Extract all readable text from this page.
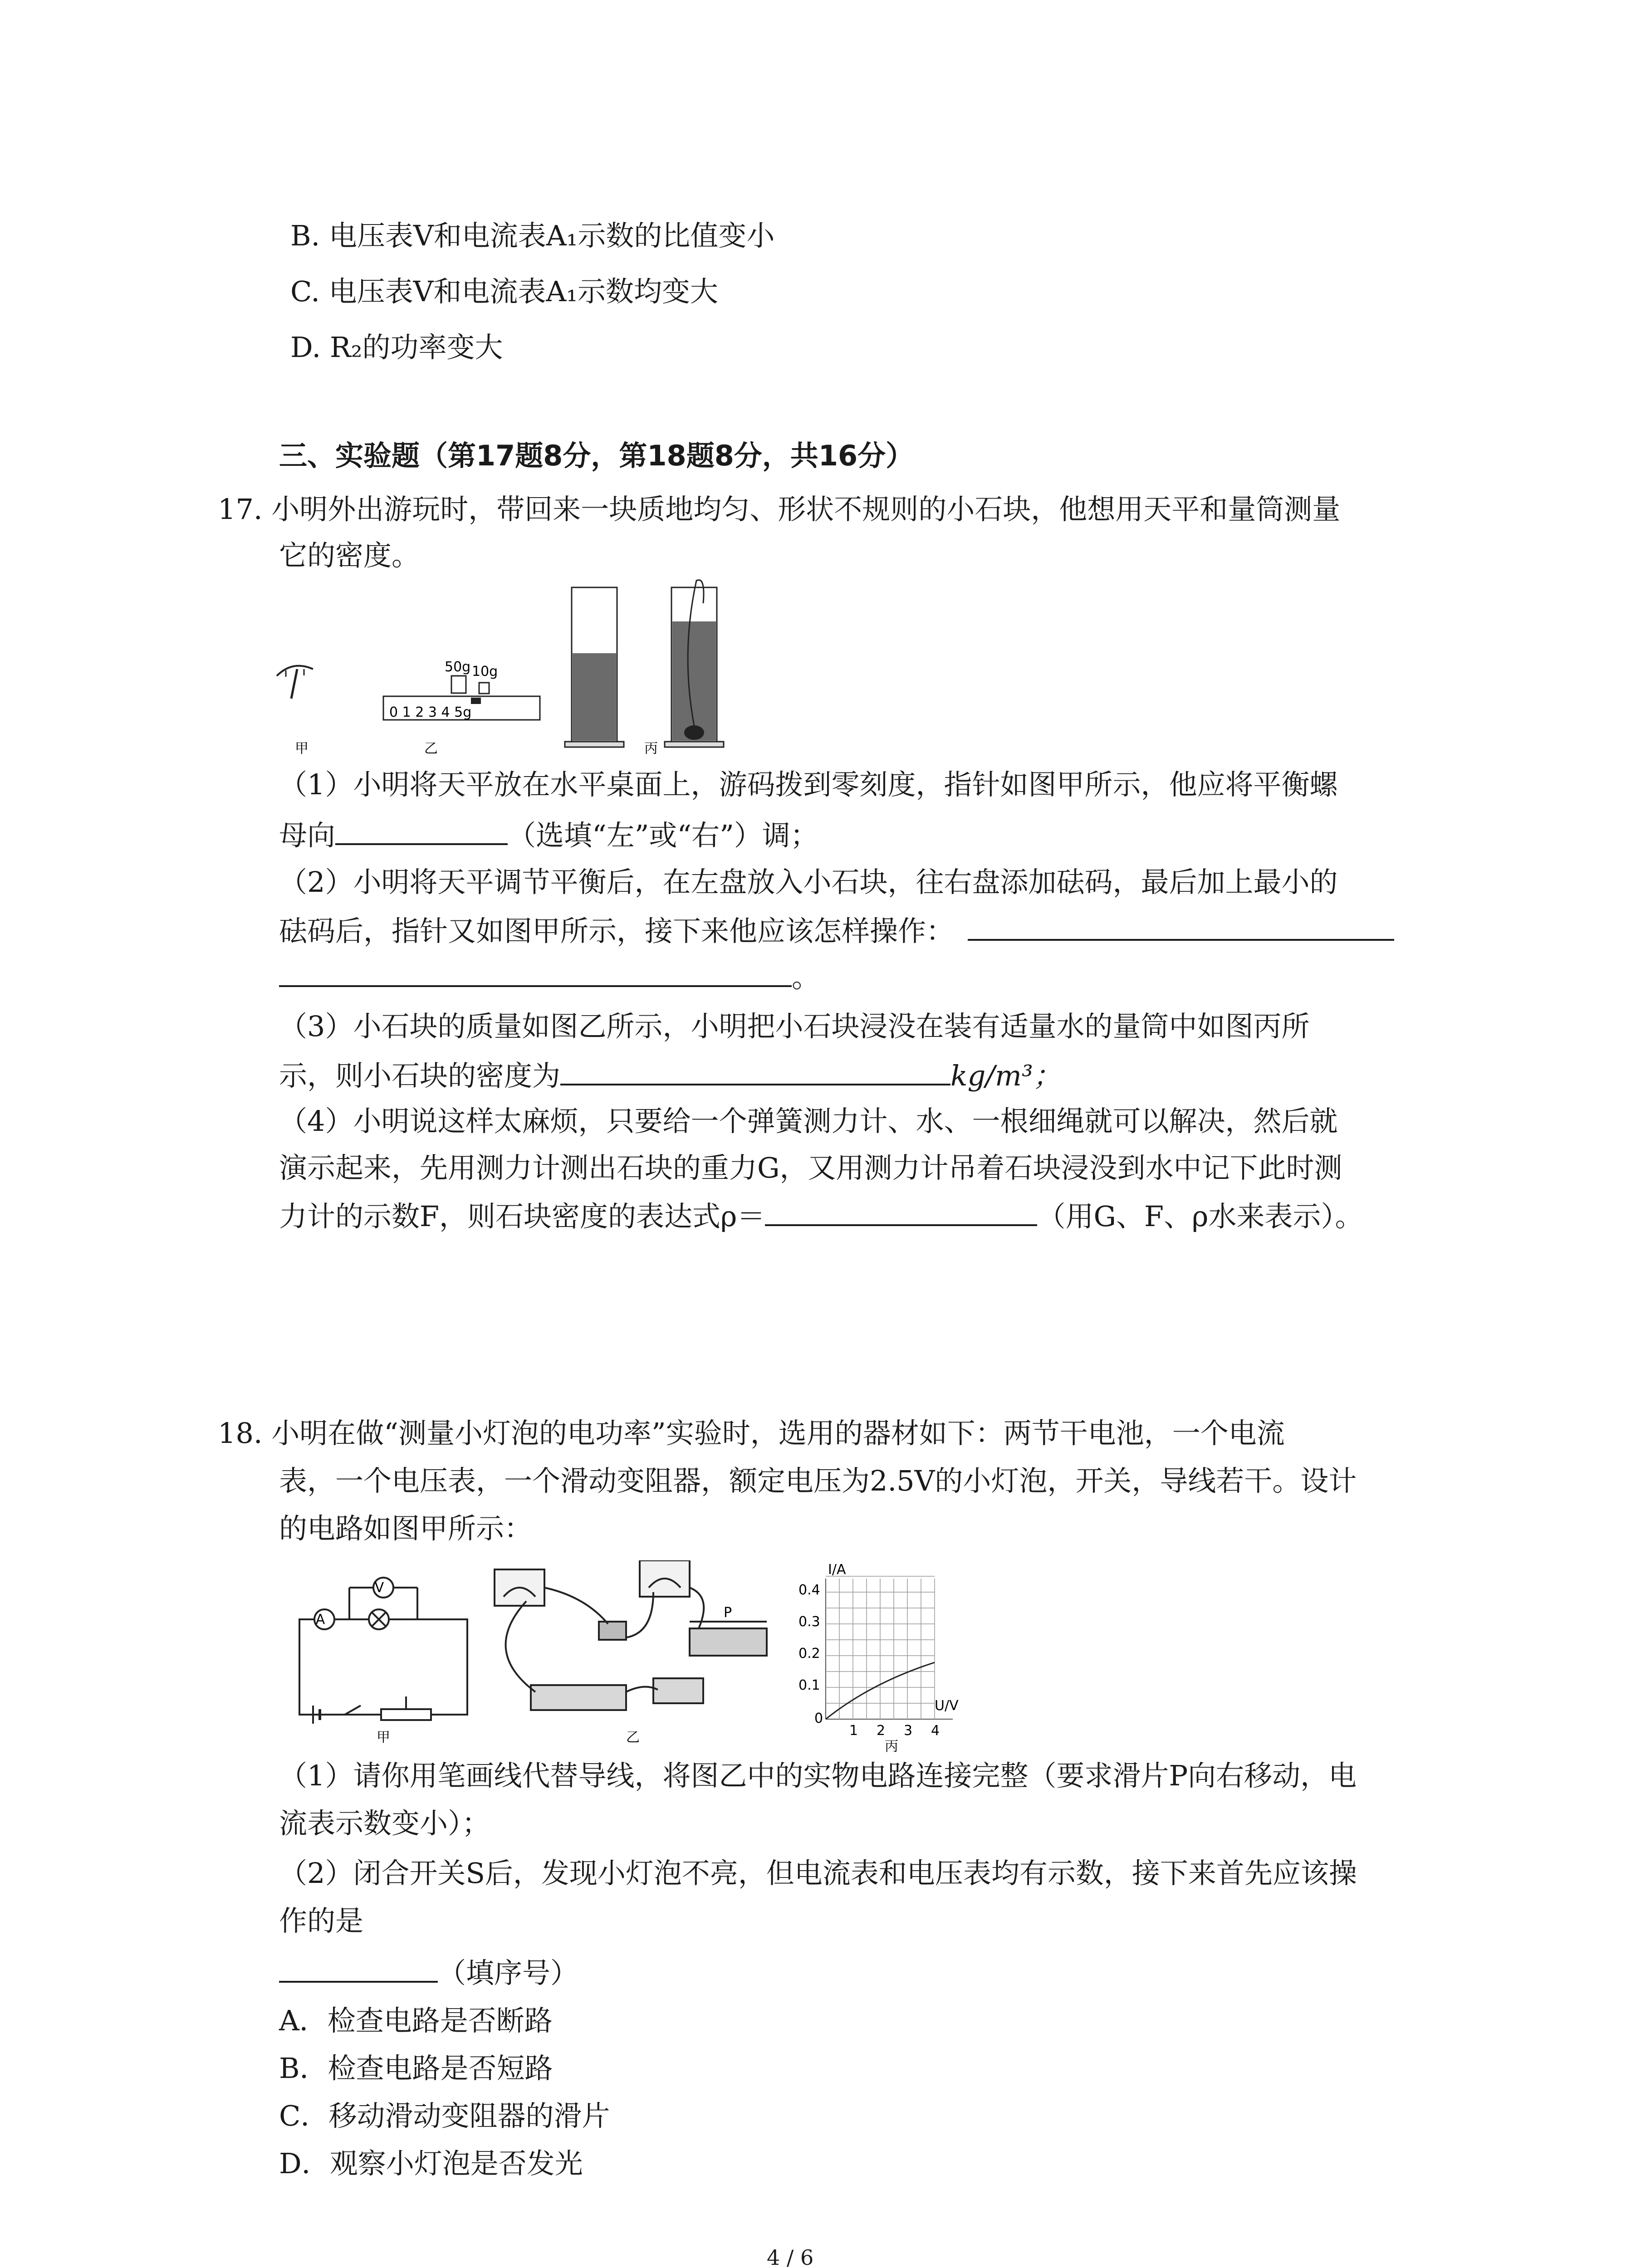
B. 电压表V和电流表A₁示数的比值变小
C. 电压表V和电流表A₁示数均变大
D. R₂的功率变大
三、实验题（第17题8分，第18题8分，共16分）
17. 小明外出游玩时，带回来一块质地均匀、形状不规则的小石块，他想用天平和量筒测量
它的密度。
甲
50g 10g
0 1 2 3 4 5g
乙	丙
（1）小明将天平放在水平桌面上，游码拨到零刻度，指针如图甲所示，他应将平衡螺
母向	（选填“左”或“右”）调；
（2）小明将天平调节平衡后，在左盘放入小石块，往右盘添加砝码，最后加上最小的
砝码后，指针又如图甲所示，接下来他应该怎样操作：
。
（3）小石块的质量如图乙所示，小明把小石块浸没在装有适量水的量筒中如图丙所
示，则小石块的密度为	kg/m³；
（4）小明说这样太麻烦，只要给一个弹簧测力计、水、一根细绳就可以解决，然后就
演示起来，先用测力计测出石块的重力G，又用测力计吊着石块浸没到水中记下此时测
力计的示数F，则石块密度的表达式ρ＝	（用G、F、ρ水来表示）。
18. 小明在做“测量小灯泡的电功率”实验时，选用的器材如下：两节干电池，一个电流
表，一个电压表，一个滑动变阻器，额定电压为2.5V的小灯泡，开关，导线若干。设计
的电路如图甲所示：
A
V
甲
P
乙
I/A
U/V
0.4
0.3
0.2
0.1
0
1 2 3 4
丙
（1）请你用笔画线代替导线，将图乙中的实物电路连接完整（要求滑片P向右移动，电
流表示数变小）；
（2）闭合开关S后，发现小灯泡不亮，但电流表和电压表均有示数，接下来首先应该操
作的是
（填序号）
A．检查电路是否断路
B．检查电路是否短路
C．移动滑动变阻器的滑片
D．观察小灯泡是否发光
4 / 6
